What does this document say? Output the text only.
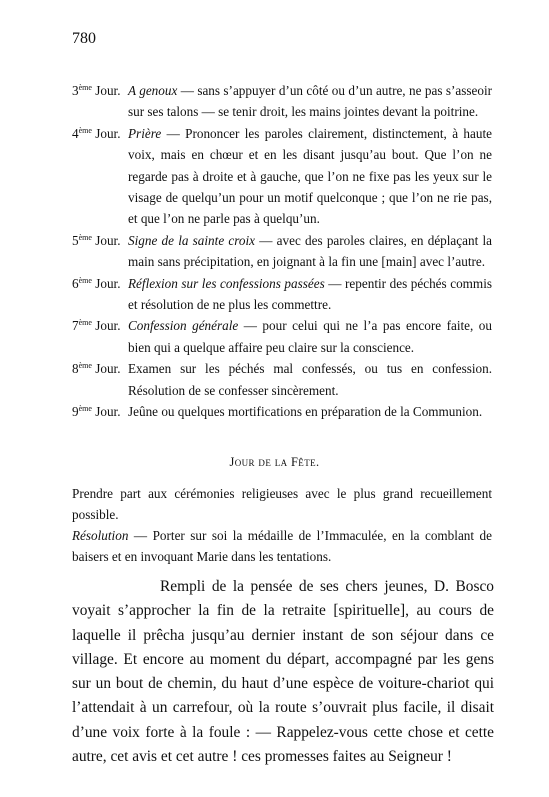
780
3ème Jour. A genoux — sans s’appuyer d’un côté ou d’un autre, ne pas s’asseoir sur ses talons — se tenir droit, les mains jointes devant la poitrine.
4ème Jour. Prière — Prononcer les paroles clairement, distinctement, à haute voix, mais en chœur et en les disant jusqu’au bout. Que l’on ne regarde pas à droite et à gauche, que l’on ne fixe pas les yeux sur le visage de quelqu’un pour un motif quelconque ; que l’on ne rie pas, et que l’on ne parle pas à quelqu’un.
5ème Jour. Signe de la sainte croix — avec des paroles claires, en déplaçant la main sans précipitation, en joignant à la fin une [main] avec l’autre.
6ème Jour. Réflexion sur les confessions passées — repentir des péchés commis et résolution de ne plus les commettre.
7ème Jour. Confession générale — pour celui qui ne l’a pas encore faite, ou bien qui a quelque affaire peu claire sur la conscience.
8ème Jour. Examen sur les péchés mal confessés, ou tus en confession. Résolution de se confesser sincèrement.
9ème Jour. Jeûne ou quelques mortifications en préparation de la Communion.
Jour de la Fête.

Prendre part aux cérémonies religieuses avec le plus grand recueillement possible.

Résolution — Porter sur soi la médaille de l’Immaculée, en la comblant de baisers et en invoquant Marie dans les tentations.

Rempli de la pensée de ses chers jeunes, D. Bosco voyait s’approcher la fin de la retraite [spirituelle], au cours de laquelle il prêcha jusqu’au dernier instant de son séjour dans ce village. Et encore au moment du départ, accompagné par les gens sur un bout de chemin, du haut d’une espèce de voiture-chariot qui l’attendait à un carrefour, où la route s’ouvrait plus facile, il disait d’une voix forte à la foule : — Rappelez-vous cette chose et cette autre, cet avis et cet autre ! ces promesses faites au Seigneur !
